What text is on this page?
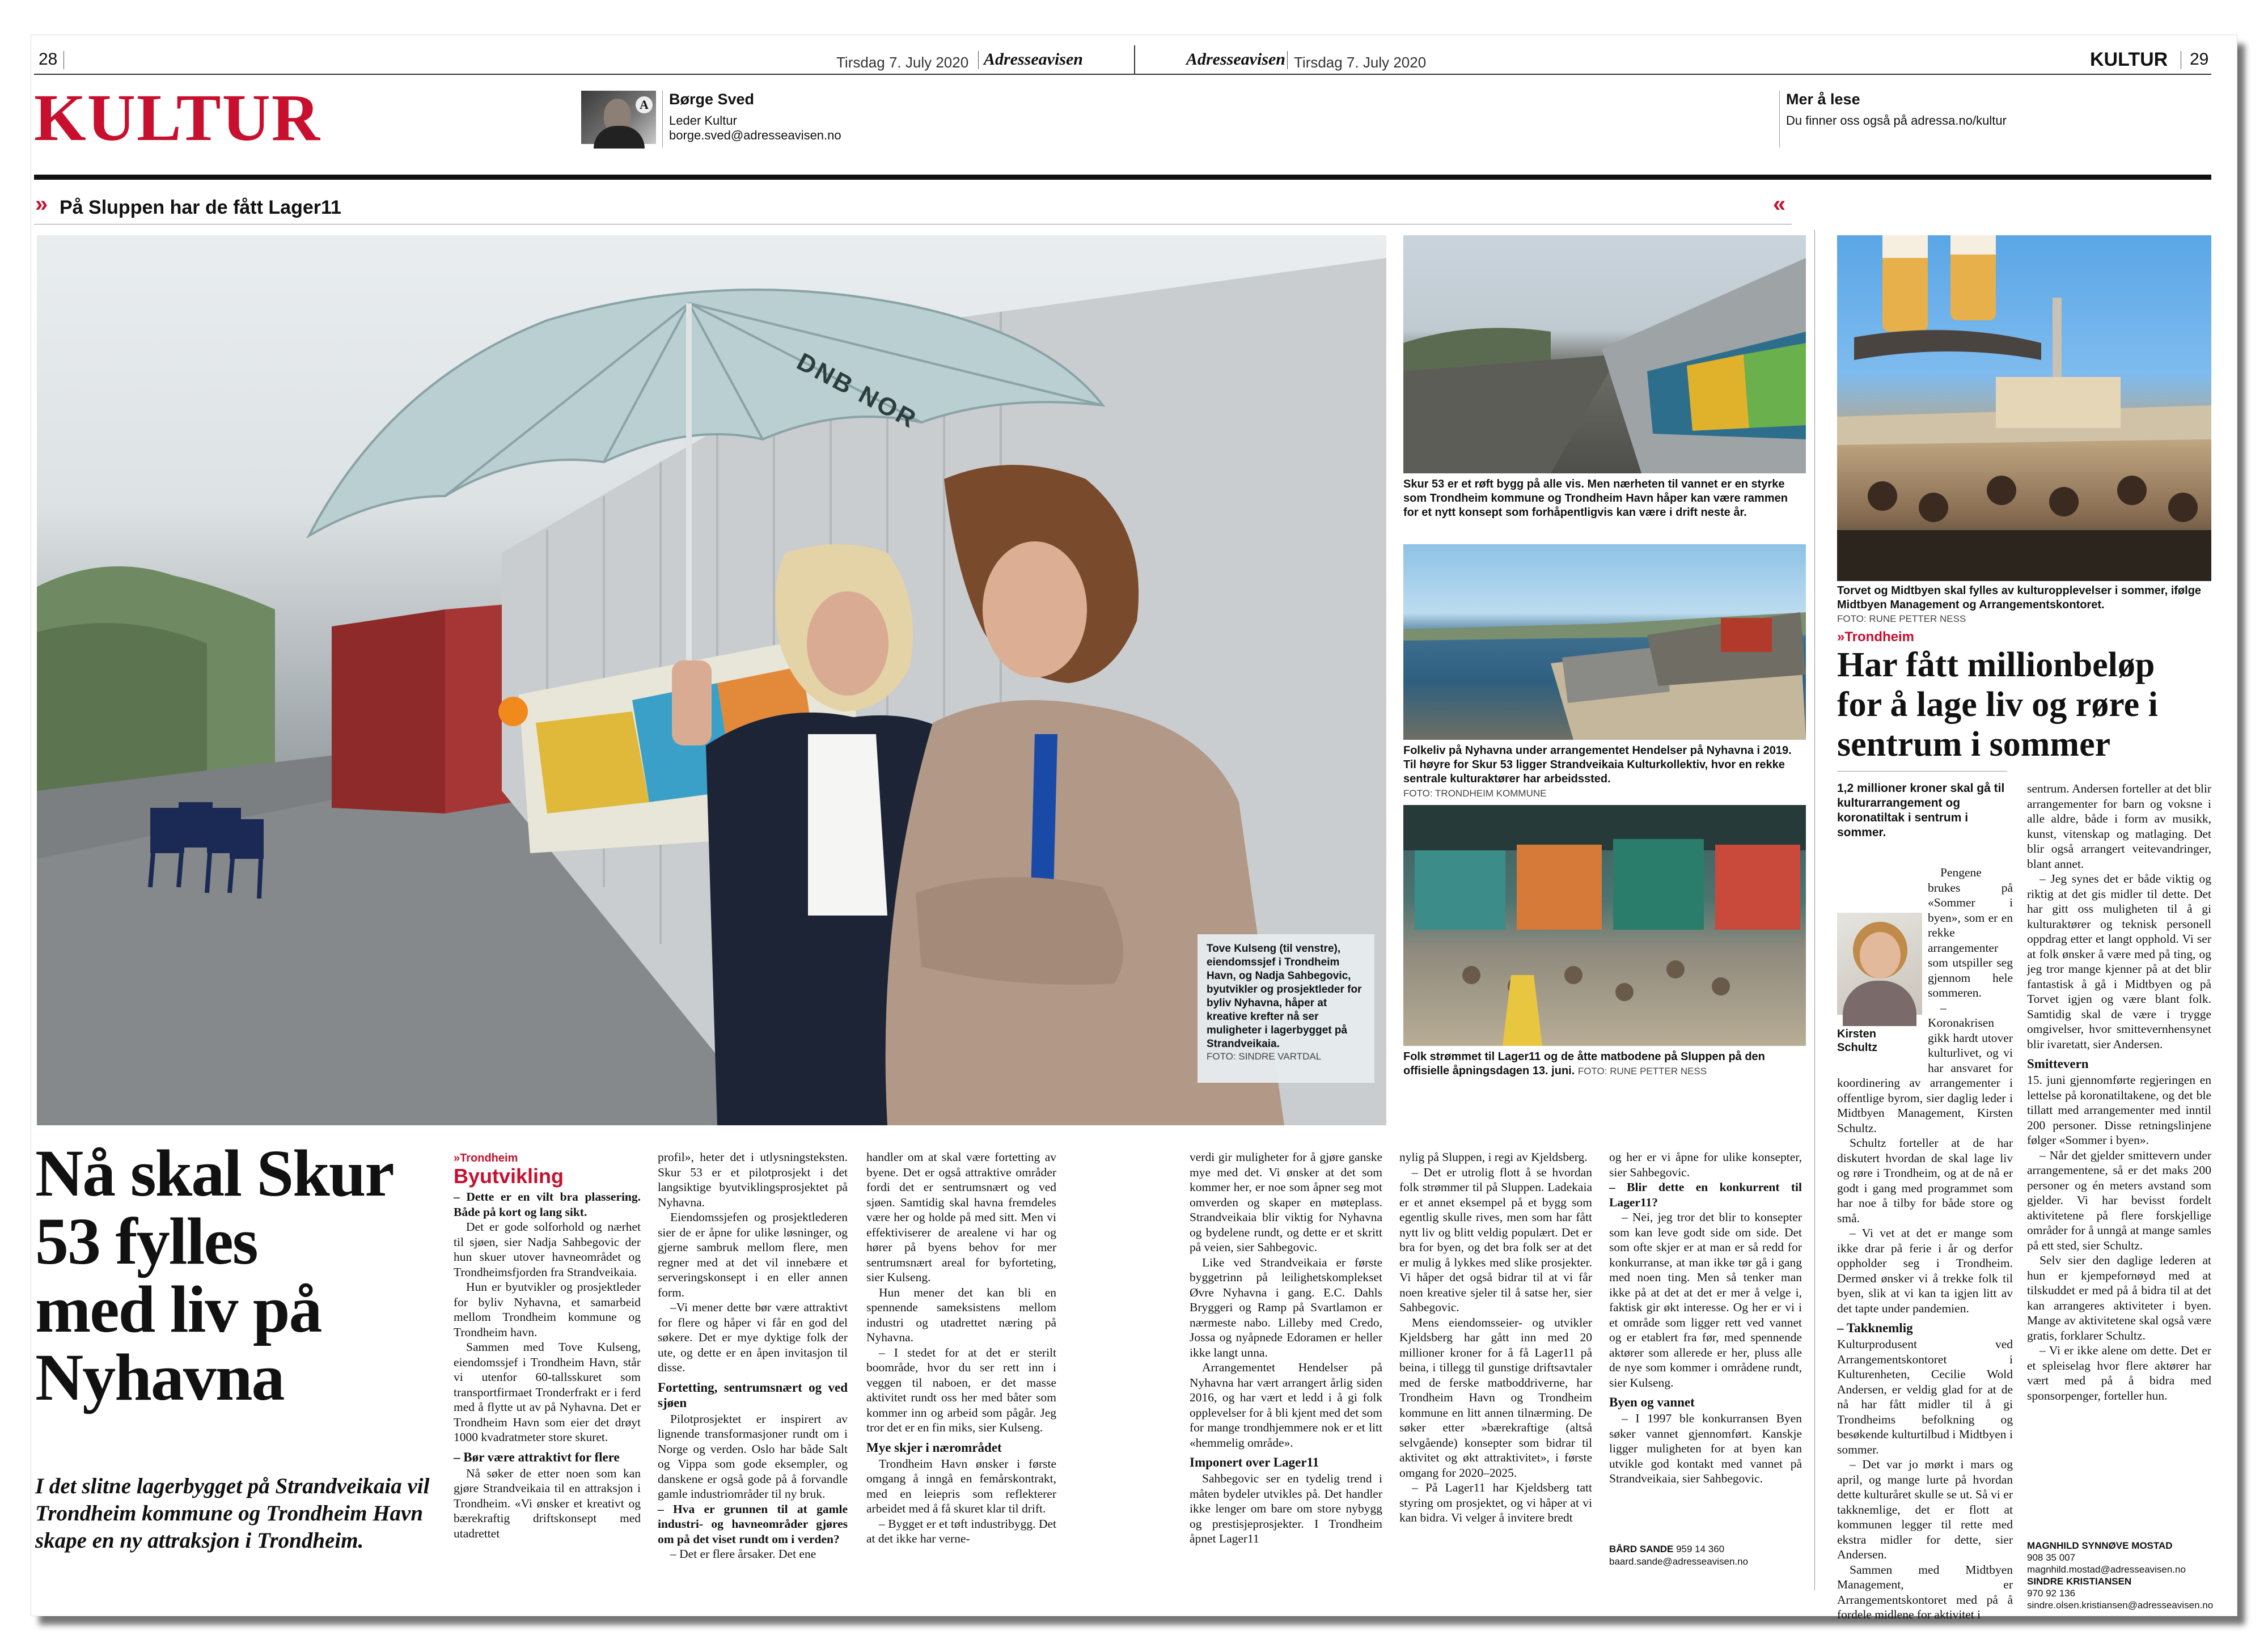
28	Tirsdag 7. July 2020 Adresseavisen	Adresseavisen Tirsdag 7. July 2020	KULTUR 29
KULTUR	A Børge Sved
Leder Kultur
borge.sved@adresseavisen.no
Mer å lese
Du finner oss også på adressa.no/kultur
» På Sluppen har de fått Lager11	«
DNB NOR
Tove Kulseng (til venstre), eiendomssjef i Trondheim Havn, og Nadja Sahbegovic, byutvikler og prosjektleder for byliv Nyhavna, håper at kreative krefter nå ser muligheter i lagerbygget på Strandveikaia.
FOTO: SINDRE VARTDAL
Skur 53 er et røft bygg på alle vis. Men nærheten til vannet er en styrke som Trondheim kommune og Trondheim Havn håper kan være rammen for et nytt konsept som forhåpentligvis kan være i drift neste år.
Folkeliv på Nyhavna under arrangementet Hendelser på Nyhavna i 2019. Til høyre for Skur 53 ligger Strandveikaia Kulturkollektiv, hvor en rekke sentrale kulturaktører har arbeidssted.
FOTO: TRONDHEIM KOMMUNE
Folk strømmet til Lager11 og de åtte matbodene på Sluppen på den offisielle åpningsdagen 13. juni. FOTO: RUNE PETTER NESS
Torvet og Midtbyen skal fylles av kulturopplevelser i sommer, ifølge Midtbyen Management og Arrangementskontoret.
FOTO: RUNE PETTER NESS
»Trondheim
Har fått millionbeløp
for å lage liv og røre i
sentrum i sommer
1,2 millioner kroner skal gå til kulturarrangement og koronatiltak i sentrum i sommer.
Kirsten Schultz

Pengene brukes på «Sommer i byen», som er en rekke arrangementer som utspiller seg gjennom hele sommeren.

– Koronakrisen gikk hardt utover kulturlivet, og vi har ansvaret for koordinering av arrangementer i offentlige byrom, sier daglig leder i Midtbyen Management, Kirsten Schultz.

Schultz forteller at de har diskutert hvordan de skal lage liv og røre i Trondheim, og at de nå er godt i gang med programmet som har noe å tilby for både store og små.

– Vi vet at det er mange som ikke drar på ferie i år og derfor oppholder seg i Trondheim. Dermed ønsker vi å trekke folk til byen, slik at vi kan ta igjen litt av det tapte under pandemien.

– Takknemlig

Kulturprodusent ved Arrangementskontoret i Kulturenheten, Cecilie Wold Andersen, er veldig glad for at de nå har fått midler til å gi Trondheims befolkning og besøkende kulturtilbud i Midtbyen i sommer.

– Det var jo mørkt i mars og april, og mange lurte på hvordan dette kulturåret skulle se ut. Så vi er takknemlige, det er flott at kommunen legger til rette med ekstra midler for dette, sier Andersen.

Sammen med Midtbyen Management, er Arrangementskontoret med på å fordele midlene for aktivitet i

sentrum. Andersen forteller at det blir arrangementer for barn og voksne i alle aldre, både i form av musikk, kunst, vitenskap og matlaging. Det blir også arrangert veitevandringer, blant annet.

– Jeg synes det er både viktig og riktig at det gis midler til dette. Det har gitt oss muligheten til å gi kulturaktører og teknisk personell oppdrag etter et langt opphold. Vi ser at folk ønsker å være med på ting, og jeg tror mange kjenner på at det blir fantastisk å gå i Midtbyen og på Torvet igjen og være blant folk. Samtidig skal de være i trygge omgivelser, hvor smittevernhensynet blir ivaretatt, sier Andersen.

Smittevern

15. juni gjennomførte regjeringen en lettelse på koronatiltakene, og det ble tillatt med arrangementer med inntil 200 personer. Disse retningslinjene følger «Sommer i byen».

– Når det gjelder smittevern under arrangementene, så er det maks 200 personer og én meters avstand som gjelder. Vi har bevisst fordelt aktivitetene på flere forskjellige områder for å unngå at mange samles på ett sted, sier Schultz.

Selv sier den daglige lederen at hun er kjempefornøyd med at tilskuddet er med på å bidra til at det kan arrangeres aktiviteter i byen. Mange av aktivitetene skal også være gratis, forklarer Schultz.

– Vi er ikke alene om dette. Det er et spleiselag hvor flere aktører har vært med på å bidra med sponsorpenger, forteller hun.

MAGNHILD SYNNØVE MOSTAD
908 35 007
magnhild.mostad@adresseavisen.no
SINDRE KRISTIANSEN
970 92 136
sindre.olsen.kristiansen@adresseavisen.no
Nå skal Skur
53 fylles
med liv på
Nyhavna
I det slitne lagerbygget på Strandveikaia vil Trondheim kommune og Trondheim Havn skape en ny attraksjon i Trondheim.
»Trondheim
Byutvikling

– Dette er en vilt bra plassering. Både på kort og lang sikt.

Det er gode solforhold og nærhet til sjøen, sier Nadja Sahbegovic der hun skuer utover havneområdet og Trondheimsfjorden fra Strandveikaia.

Hun er byutvikler og prosjektleder for byliv Nyhavna, et samarbeid mellom Trondheim kommune og Trondheim havn.

Sammen med Tove Kulseng, eiendomssjef i Trondheim Havn, står vi utenfor 60-tallsskuret som transportfirmaet Tronderfrakt er i ferd med å flytte ut av på Nyhavna. Det er Trondheim Havn som eier det drøyt 1000 kvadratmeter store skuret.

– Bør være attraktivt for flere

Nå søker de etter noen som kan gjøre Strandveikaia til en attraksjon i Trondheim. «Vi ønsker et kreativt og bærekraftig driftskonsept med utadrettet

profil», heter det i utlysningsteksten. Skur 53 er et pilotprosjekt i det langsiktige byutviklingsprosjektet på Nyhavna.

Eiendomssjefen og prosjektlederen sier de er åpne for ulike løsninger, og gjerne sambruk mellom flere, men regner med at det vil innebære et serveringskonsept i en eller annen form.

–Vi mener dette bør være attraktivt for flere og håper vi får en god del søkere. Det er mye dyktige folk der ute, og dette er en åpen invitasjon til disse.

Fortetting, sentrumsnært og ved sjøen

Pilotprosjektet er inspirert av lignende transformasjoner rundt om i Norge og verden. Oslo har både Salt og Vippa som gode eksempler, og danskene er også gode på å forvandle gamle industriområder til ny bruk.

– Hva er grunnen til at gamle industri- og havneområder gjøres om på det viset rundt om i verden?

– Det er flere årsaker. Det ene

handler om at skal være fortetting av byene. Det er også attraktive områder fordi det er sentrumsnært og ved sjøen. Samtidig skal havna fremdeles være her og holde på med sitt. Men vi effektiviserer de arealene vi har og hører på byens behov for mer sentrumsnært areal for byforteting, sier Kulseng.

Hun mener det kan bli en spennende sameksistens mellom industri og utadrettet næring på Nyhavna.

– I stedet for at det er sterilt boområde, hvor du ser rett inn i veggen til naboen, er det masse aktivitet rundt oss her med båter som kommer inn og arbeid som pågår. Jeg tror det er en fin miks, sier Kulseng.

Mye skjer i nærområdet

Trondheim Havn ønsker i første omgang å inngå en femårskontrakt, med en leiepris som reflekterer arbeidet med å få skuret klar til drift.

– Bygget er et tøft industribygg. Det at det ikke har verne-

verdi gir muligheter for å gjøre ganske mye med det. Vi ønsker at det som kommer her, er noe som åpner seg mot omverden og skaper en møteplass. Strandveikaia blir viktig for Nyhavna og bydelene rundt, og dette er et skritt på veien, sier Sahbegovic.

Like ved Strandveikaia er første byggetrinn på leilighetskomplekset Øvre Nyhavna i gang. E.C. Dahls Bryggeri og Ramp på Svartlamon er nærmeste nabo. Lilleby med Credo, Jossa og nyåpnede Edoramen er heller ikke langt unna.

Arrangementet Hendelser på Nyhavna har vært arrangert årlig siden 2016, og har vært et ledd i å gi folk opplevelser for å bli kjent med det som for mange trondhjemmere nok er et litt «hemmelig område».

Imponert over Lager11

Sahbegovic ser en tydelig trend i måten bydeler utvikles på. Det handler ikke lenger om bare om store nybygg og prestisjeprosjekter. I Trondheim åpnet Lager11

nylig på Sluppen, i regi av Kjeldsberg.

– Det er utrolig flott å se hvordan folk strømmer til på Sluppen. Ladekaia er et annet eksempel på et bygg som egentlig skulle rives, men som har fått nytt liv og blitt veldig populært. Det er bra for byen, og det bra folk ser at det er mulig å lykkes med slike prosjekter. Vi håper det også bidrar til at vi får noen kreative sjeler til å satse her, sier Sahbegovic.

Mens eiendomsseier- og utvikler Kjeldsberg har gått inn med 20 millioner kroner for å få Lager11 på beina, i tillegg til gunstige driftsavtaler med de ferske matboddriverne, har Trondheim Havn og Trondheim kommune en litt annen tilnærming. De søker etter »bærekraftige (altså selvgående) konsepter som bidrar til aktivitet og økt attraktivitet», i første omgang for 2020–2025.

– På Lager11 har Kjeldsberg tatt styring om prosjektet, og vi håper at vi kan bidra. Vi velger å invitere bredt

og her er vi åpne for ulike konsepter, sier Sahbegovic.

– Blir dette en konkurrent til Lager11?

– Nei, jeg tror det blir to konsepter som kan leve godt side om side. Det som ofte skjer er at man er så redd for konkurranse, at man ikke tør gå i gang med noen ting. Men så tenker man ikke på at det at det er mer å velge i, faktisk gir økt interesse. Og her er vi i et område som ligger rett ved vannet og er etablert fra før, med spennende aktører som allerede er her, pluss alle de nye som kommer i områdene rundt, sier Kulseng.

Byen og vannet

– I 1997 ble konkurransen Byen søker vannet gjennomført. Kanskje ligger muligheten for at byen kan utvikle god kontakt med vannet på Strandveikaia, sier Sahbegovic.

BÅRD SANDE 959 14 360
baard.sande@adresseavisen.no
